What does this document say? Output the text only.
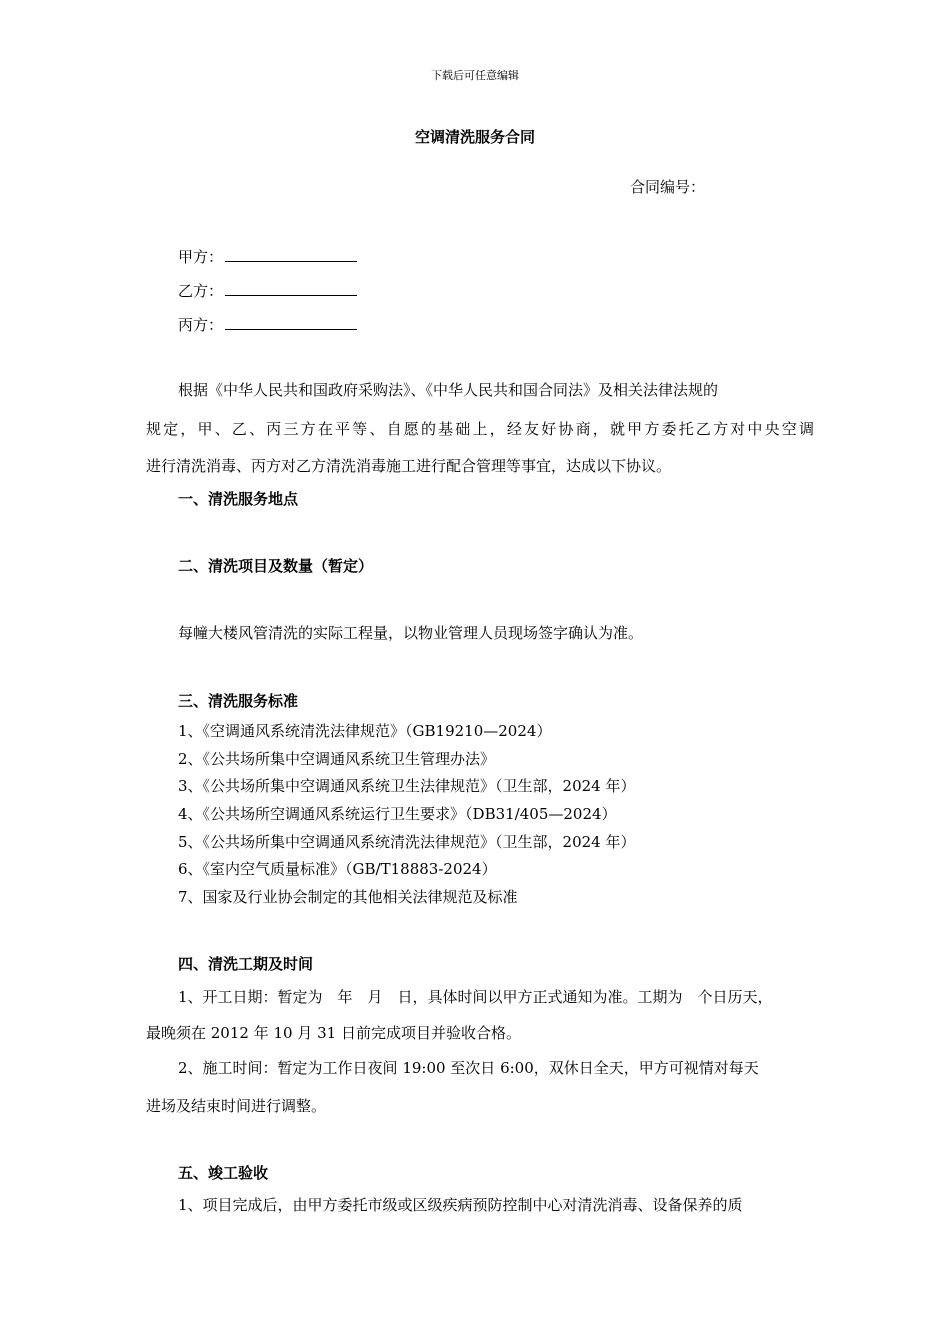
下载后可任意编辑
空调清洗服务合同
合同编号：
甲方：
乙方：
丙方：
根据《中华人民共和国政府采购法》、《中华人民共和国合同法》及相关法律法规的
规定，甲、乙、丙三方在平等、自愿的基础上，经友好协商，就甲方委托乙方对中央空调
进行清洗消毒、丙方对乙方清洗消毒施工进行配合管理等事宜，达成以下协议。
一、清洗服务地点
二、清洗项目及数量（暂定）
每幢大楼风管清洗的实际工程量，以物业管理人员现场签字确认为准。
三、清洗服务标准
1、《空调通风系统清洗法律规范》（GB19210—2024）
2、《公共场所集中空调通风系统卫生管理办法》
3、《公共场所集中空调通风系统卫生法律规范》（卫生部，2024 年）
4、《公共场所空调通风系统运行卫生要求》（DB31/405—2024）
5、《公共场所集中空调通风系统清洗法律规范》（卫生部，2024 年）
6、《室内空气质量标准》（GB/T18883-2024）
7、国家及行业协会制定的其他相关法律规范及标准
四、清洗工期及时间
1、开工日期：暂定为　年　月　日，具体时间以甲方正式通知为准。工期为　个日历天，
最晚须在 2012 年 10 月 31 日前完成项目并验收合格。
2、施工时间：暂定为工作日夜间 19:00 至次日 6:00，双休日全天，甲方可视情对每天
进场及结束时间进行调整。
五、竣工验收
1、项目完成后，由甲方委托市级或区级疾病预防控制中心对清洗消毒、设备保养的质
